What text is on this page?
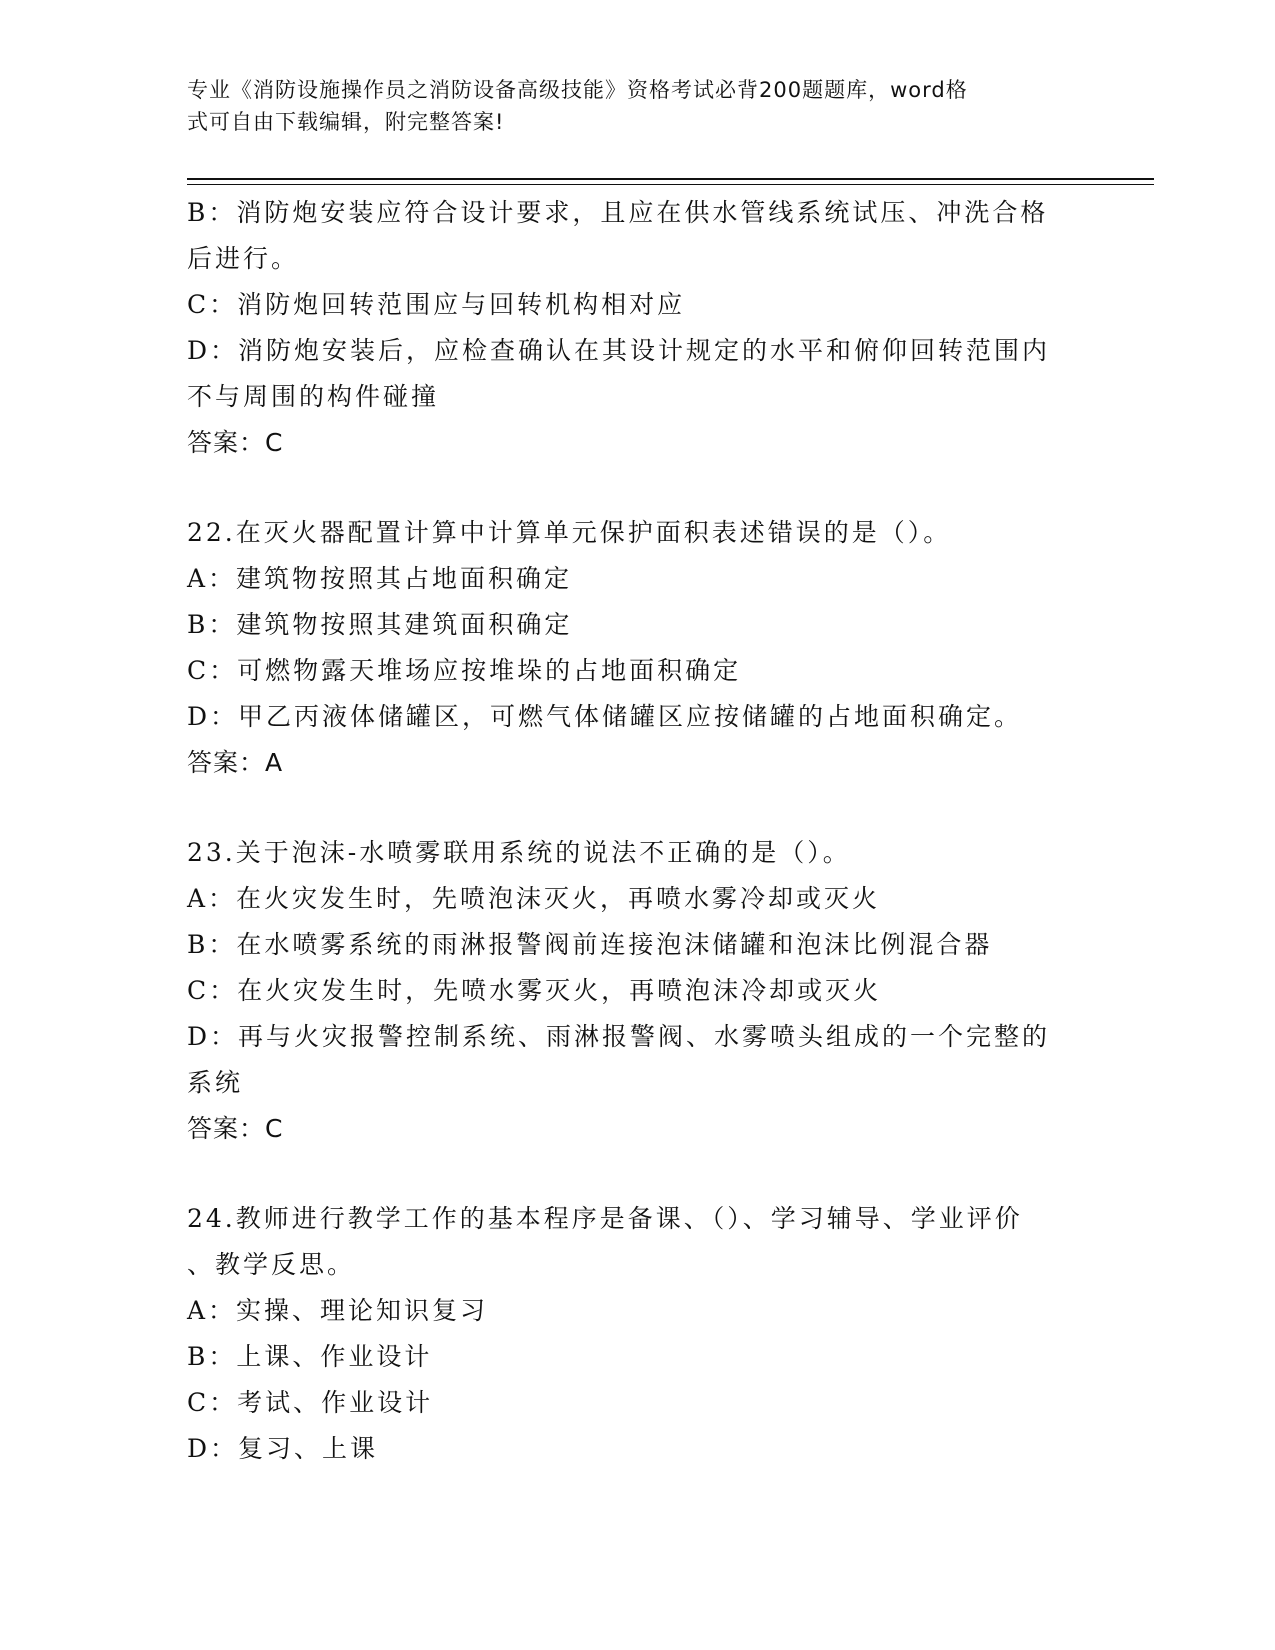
专业《消防设施操作员之消防设备高级技能》资格考试必背200题题库，word格
式可自由下载编辑，附完整答案!
B：消防炮安装应符合设计要求，且应在供水管线系统试压、冲洗合格
后进行。
C：消防炮回转范围应与回转机构相对应
D：消防炮安装后，应检查确认在其设计规定的水平和俯仰回转范围内
不与周围的构件碰撞
答案：C
22.在灭火器配置计算中计算单元保护面积表述错误的是（）。
A：建筑物按照其占地面积确定
B：建筑物按照其建筑面积确定
C：可燃物露天堆场应按堆垛的占地面积确定
D：甲乙丙液体储罐区，可燃气体储罐区应按储罐的占地面积确定。
答案：A
23.关于泡沫-水喷雾联用系统的说法不正确的是（）。
A：在火灾发生时，先喷泡沫灭火，再喷水雾冷却或灭火
B：在水喷雾系统的雨淋报警阀前连接泡沫储罐和泡沫比例混合器
C：在火灾发生时，先喷水雾灭火，再喷泡沫冷却或灭火
D：再与火灾报警控制系统、雨淋报警阀、水雾喷头组成的一个完整的
系统
答案：C
24.教师进行教学工作的基本程序是备课、（）、学习辅导、学业评价
、教学反思。
A：实操、理论知识复习
B：上课、作业设计
C：考试、作业设计
D：复习、上课
